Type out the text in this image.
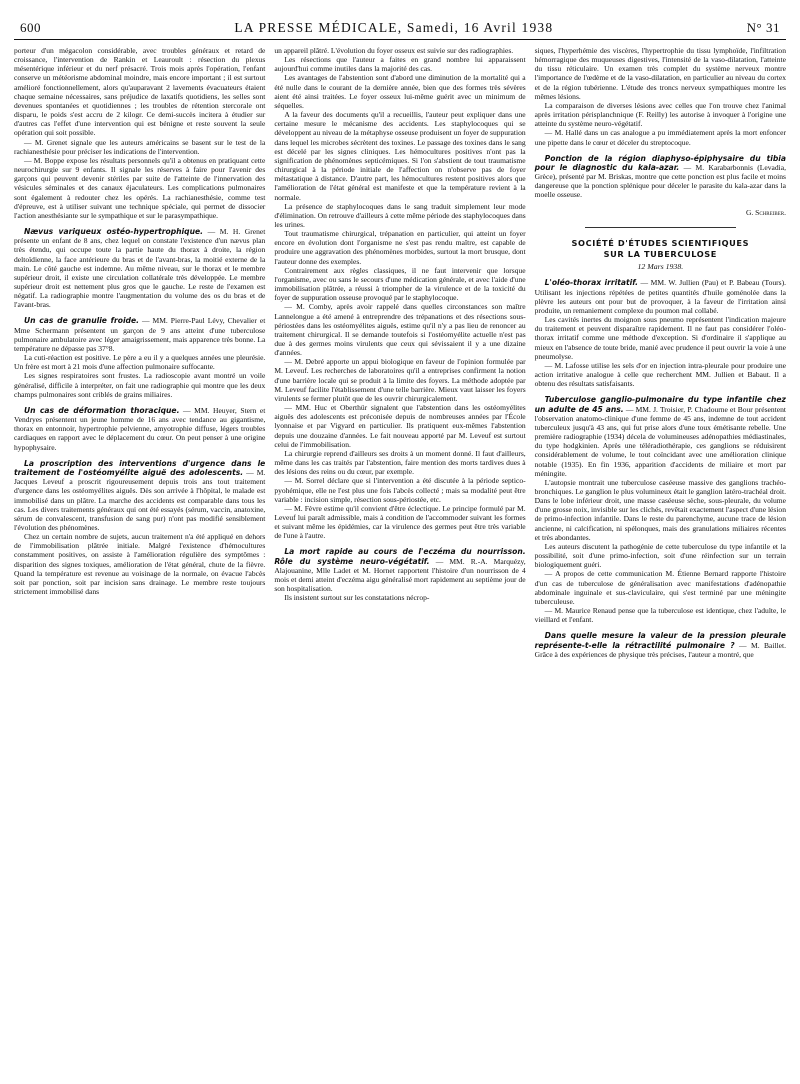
600	LA PRESSE MÉDICALE, Samedi, 16 Avril 1938	N° 31

porteur d'un mégacolon considérable, avec troubles généraux et retard de croissance, l'intervention de Rankin et Leauroult : résection du plexus mésentérique inférieur et du nerf présacré. Trois mois après l'opération, l'enfant conserve un météorisme abdominal moindre, mais encore important ; il est surtout amélioré fonctionnellement, alors qu'auparavant 2 lavements évacuateurs étaient chaque semaine nécessaires, sans préjudice de laxatifs quotidiens, les selles sont devenues spontanées et quotidiennes ; les troubles de rétention stercorale ont disparu, le poids s'est accru de 2 kilogr. Ce demi-succès incitera à étudier sur d'autres cas l'effet d'une intervention qui est bénigne et reste souvent la seule opération qui soit possible.

— M. Grenet signale que les auteurs américains se basent sur le test de la rachianesthésie pour préciser les indications de l'intervention.

— M. Boppe expose les résultats personnels qu'il a obtenus en pratiquant cette neurochirurgie sur 9 enfants. Il signale les réserves à faire pour l'avenir des garçons qui peuvent devenir stériles par suite de l'atteinte de l'innervation des vésicules séminales et des canaux éjaculateurs. Les complications pulmonaires sont également à redouter chez les opérés. La rachianesthésie, comme test d'épreuve, est à utiliser suivant une technique spéciale, qui permet de dissocier l'action anesthésiante sur le sympathique et sur le parasympathique.

Nævus variqueux ostéo-hypertrophique. — M. H. Grenet présente un enfant de 8 ans, chez lequel on constate l'existence d'un nævus plan très étendu, qui occupe toute la partie haute du thorax à droite, la région deltoïdienne, la face antérieure du bras et de l'avant-bras, la moitié externe de la main. Le côté gauche est indemne. Au même niveau, sur le thorax et le membre supérieur droit, il existe une circulation collatérale très développée. Le membre supérieur droit est nettement plus gros que le gauche. Le reste de l'examen est négatif. La radiographie montre l'augmentation du volume des os du bras et de l'avant-bras.

Un cas de granulie froide. — MM. Pierre-Paul Lévy, Chevalier et Mme Schermann présentent un garçon de 9 ans atteint d'une tuberculose pulmonaire ambulatoire avec léger amaigrissement, mais apparence très bonne. La température ne dépasse pas 37°8.

La cuti-réaction est positive. Le père a eu il y a quelques années une pleurésie. Un frère est mort à 21 mois d'une affection pulmonaire suffocante.

Les signes respiratoires sont frustes. La radioscopie avant montré un voile généralisé, difficile à interpréter, on fait une radiographie qui montre que les deux champs pulmonaires sont criblés de grains miliaires.

Un cas de déformation thoracique. — MM. Heuyer, Stern et Vendryes présentent un jeune homme de 16 ans avec tendance au gigantisme, thorax en entonnoir, hypertrophie pelvienne, amyotrophie diffuse, légers troubles cardiaques en rapport avec le déplacement du cœur. On peut penser à une origine hypophysaire.

La proscription des interventions d'urgence dans le traitement de l'ostéomyélite aiguë des adolescents. — M. Jacques Leveuf a proscrit rigoureusement depuis trois ans tout traitement d'urgence dans les ostéomyélites aiguës. Dès son arrivée à l'hôpital, le malade est immobilisé dans un plâtre. La marche des accidents est comparable dans tous les cas. Les divers traitements généraux qui ont été essayés (sérum, vaccin, anatoxine, sérum de convalescent, transfusion de sang pur) n'ont pas modifié sensiblement l'évolution des phénomènes.

Chez un certain nombre de sujets, aucun traitement n'a été appliqué en dehors de l'immobilisation plâtrée initiale. Malgré l'existence d'hémocultures constamment positives, on assiste à l'amélioration régulière des symptômes : disparition des signes toxiques, amélioration de l'état général, chute de la fièvre. Quand la température est revenue au voisinage de la normale, on évacue l'abcès soit par ponction, soit par incision sans drainage. Le membre reste toujours strictement immobilisé dans

un appareil plâtré. L'évolution du foyer osseux est suivie sur des radiographies.

Les résections que l'auteur a faites en grand nombre lui apparaissent aujourd'hui comme inutiles dans la majorité des cas.

Les avantages de l'abstention sont d'abord une diminution de la mortalité qui a été nulle dans le courant de la dernière année, bien que des formes très sévères aient été ainsi traitées. Le foyer osseux lui-même guérit avec un minimum de séquelles.

A la faveur des documents qu'il a recueillis, l'auteur peut expliquer dans une certaine mesure le mécanisme des accidents. Les staphylocoques qui se développent au niveau de la métaphyse osseuse produisent un foyer de suppuration dans lequel les microbes sécrètent des toxines. Le passage des toxines dans le sang est décelé par les signes cliniques. Les hémocultures positives n'ont pas la signification de phénomènes septicémiques. Si l'on s'abstient de tout traumatisme chirurgical à la période initiale de l'affection on n'observe pas de foyer métastatique à distance. D'autre part, les hémocultures restent positives alors que l'amélioration de l'état général est manifeste et que la température revient à la normale.

La présence de staphylocoques dans le sang traduit simplement leur mode d'élimination. On retrouve d'ailleurs à cette même période des staphylocoques dans les urines.

Tout traumatisme chirurgical, trépanation en particulier, qui atteint un foyer encore en évolution dont l'organisme ne s'est pas rendu maître, est capable de produire une aggravation des phénomènes morbides, surtout la mort brusque, dont l'auteur donne des exemples.

Contrairement aux règles classiques, il ne faut intervenir que lorsque l'organisme, avec ou sans le secours d'une médication générale, et avec l'aide d'une immobilisation plâtrée, a réussi à triompher de la virulence et de la toxicité du foyer de suppuration osseuse provoqué par le staphylocoque.

— M. Comby, après avoir rappelé dans quelles circonstances son maître Lannelongue a été amené à entreprendre des trépanations et des résections sous-périostées dans les ostéomyélites aiguës, estime qu'il n'y a pas lieu de renoncer au traitement chirurgical. Il se demande toutefois si l'ostéomyélite actuelle n'est pas due à des germes moins virulents que ceux qui sévissaient il y a une dizaine d'années.

— M. Debré apporte un appui biologique en faveur de l'opinion formulée par M. Leveuf. Les recherches de laboratoires qu'il a entreprises confirment la notion d'une barrière locale qui se produit à la limite des foyers. La méthode adoptée par M. Leveuf facilite l'établissement d'une telle barrière. Mieux vaut laisser les foyers virulents se fermer plutôt que de les ouvrir chirurgicalement.

— MM. Huc et Oberthür signalent que l'abstention dans les ostéomyélites aiguës des adolescents est préconisée depuis de nombreuses années par l'École lyonnaise et par Vigyard en particulier. Ils pratiquent eux-mêmes l'abstention depuis une douzaine d'années. Le fait nouveau apporté par M. Leveuf est surtout celui de l'immobilisation.

La chirurgie reprend d'ailleurs ses droits à un moment donné. Il faut d'ailleurs, même dans les cas traités par l'abstention, faire mention des morts tardives dues à des lésions des reins ou du cœur, par exemple.

— M. Sorrel déclare que si l'intervention a été discutée à la période septico-pyohémique, elle ne l'est plus une fois l'abcès collecté ; mais sa modalité peut être variable : incision simple, résection sous-périostée, etc.

— M. Fèvre estime qu'il convient d'être éclectique. Le principe formulé par M. Leveuf lui paraît admissible, mais à condition de l'accommoder suivant les formes et suivant même les épidémies, car la virulence des germes peut être très variable de l'une à l'autre.

La mort rapide au cours de l'eczéma du nourrisson. Rôle du système neuro-végétatif. — MM. R.-A. Marquézy, Alajouanine, Mlle Ladet et M. Hornet rapportent l'histoire d'un nourrisson de 4 mois et demi atteint d'eczéma aigu généralisé mort rapidement au septième jour de son hospitalisation.

Ils insistent surtout sur les constatations nécrop-

siques, l'hyperhémie des viscères, l'hypertrophie du tissu lymphoïde, l'infiltration hémorragique des muqueuses digestives, l'intensité de la vaso-dilatation, l'atteinte du tissu réticulaire. Un examen très complet du système nerveux montre l'importance de l'œdème et de la vaso-dilatation, en particulier au niveau du cortex et de la région tubérienne. L'étude des troncs nerveux sympathiques montre les mêmes lésions.

La comparaison de diverses lésions avec celles que l'on trouve chez l'animal après irritation périsplanchnique (F. Reilly) les autorise à invoquer à l'origine une atteinte du système neuro-végétatif.

— M. Hallé dans un cas analogue a pu immédiatement après la mort enfoncer une pipette dans le cœur et déceler du streptocoque.

Ponction de la région diaphyso-épiphysaire du tibia pour le diagnostic du kala-azar. — M. Karabarbonnis (Levadia, Grèce), présenté par M. Briskas, montre que cette ponction est plus facile et moins dangereuse que la ponction splénique pour déceler le parasite du kala-azar dans la moelle osseuse.

G. Schreiber.

SOCIÉTÉ D'ÉTUDES SCIENTIFIQUES
SUR LA TUBERCULOSE
12 Mars 1938.

L'oléo-thorax irritatif. — MM. W. Jullien (Pau) et P. Babeau (Tours). Utilisant les injections répétées de petites quantités d'huile goménolée dans la plèvre les auteurs ont pour but de provoquer, à la faveur de l'irritation ainsi produite, un remaniement complexe du poumon mal collabé.

Les cavités inertes du moignon sous pneumo représentent l'indication majeure du traitement et peuvent disparaître rapidement. Il ne faut pas considérer l'oléo-thorax irritatif comme une méthode d'exception. Si d'ordinaire il s'applique au mieux en l'absence de toute bride, manié avec prudence il peut ouvrir la voie à une pneumolyse.

— M. Lafosse utilise les sels d'or en injection intra-pleurale pour produire une action irritative analogue à celle que recherchent MM. Jullien et Babaut. Il a obtenu des résultats satisfaisants.

Tuberculose ganglio-pulmonaire du type infantile chez un adulte de 45 ans. — MM. J. Troisier, P. Chadourne et Bour présentent l'observation anatomo-clinique d'une femme de 45 ans, indemne de tout accident tuberculeux jusqu'à 43 ans, qui fut prise alors d'une toux émétisante rebelle. Une première radiographie (1934) décela de volumineuses adénopathies médiastinales, du type hodgkinien. Après une téléradiothérapie, ces ganglions se réduisirent considérablement de volume, le tout coïncidant avec une amélioration clinique notable (1935). En fin 1936, apparition d'accidents de miliaire et mort par méningite.

L'autopsie montrait une tuberculose caséeuse massive des ganglions trachéo-bronchiques. Le ganglion le plus volumineux était le ganglion latéro-trachéal droit. Dans le lobe inférieur droit, une masse caséeuse sèche, sous-pleurale, du volume d'une grosse noix, invisible sur les clichés, revêtait exactement l'aspect d'une lésion de primo-infection infantile. Dans le reste du parenchyme, aucune trace de lésion ancienne, ni calcification, ni spélonques, mais des granulations miliaires récentes et très abondantes.

Les auteurs discutent la pathogénie de cette tuberculose du type infantile et la possibilité, soit d'une primo-infection, soit d'une réinfection sur un terrain biologiquement guéri.

— A propos de cette communication M. Étienne Bernard rapporte l'histoire d'un cas de tuberculose de généralisation avec manifestations d'adénopathie abdominale inguinale et sus-claviculaire, qui s'est terminé par une méningite tuberculeuse.

— M. Maurice Renaud pense que la tuberculose est identique, chez l'adulte, le vieillard et l'enfant.

Dans quelle mesure la valeur de la pression pleurale représente-t-elle la rétractilité pulmonaire ? — M. Baillet. Grâce à des expériences de physique très précises, l'auteur a montré, que
